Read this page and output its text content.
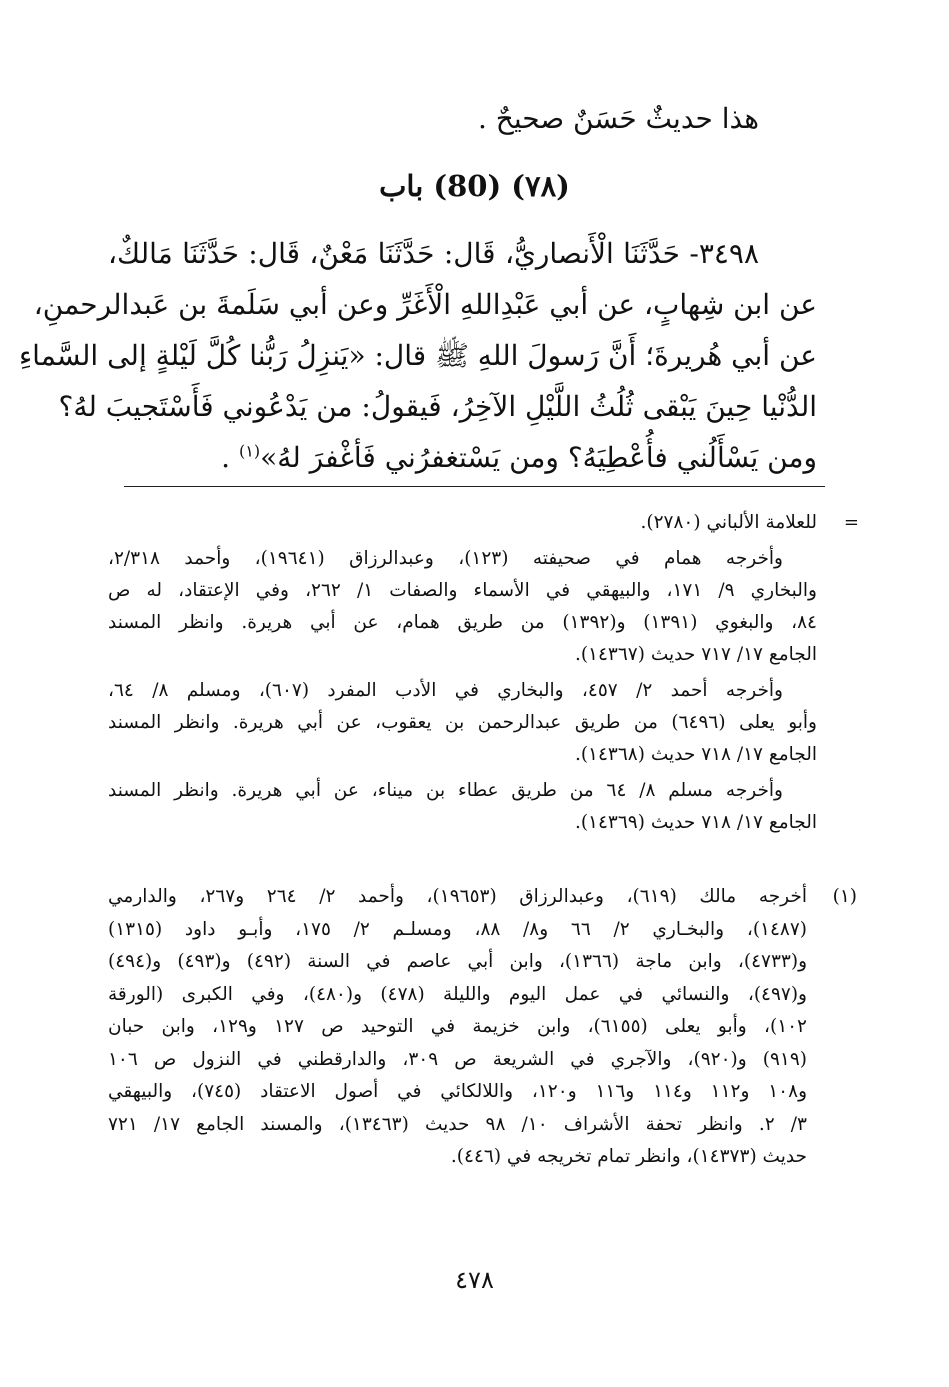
هذا حديثٌ حَسَنٌ صحيحٌ .
(٧٨) (80) باب
٣٤٩٨- حَدَّثَنَا الْأَنصاريُّ، قَال: حَدَّثَنَا مَعْنٌ، قَال: حَدَّثَنَا مَالكٌ،
عن ابن شِهابٍ، عن أبي عَبْدِاللهِ الْأَغَرِّ وعن أبي سَلَمةَ بن عَبدالرحمنِ،
عن أبي هُريرةَ؛ أَنَّ رَسولَ اللهِ ﷺ قال: «يَنزِلُ رَبُّنا كُلَّ لَيْلةٍ إلى السَّماءِ
الدُّنْيا حِينَ يَبْقى ثُلُثُ اللَّيْلِ الآخِرُ، فَيقولُ: من يَدْعُوني فَأَسْتَجيبَ لهُ؟
ومن يَسْأَلُني فأُعْطِيَهُ؟ ومن يَسْتغفرُني فَأغْفرَ لهُ»$^{(١)}$ .
=
للعلامة الألباني (٢٧٨٠).
وأخرجه همام في صحيفته (١٢٣)، وعبدالرزاق (١٩٦٤١)، وأحمد ٢/٣١٨،
والبخاري ٩/ ١٧١، والبيهقي في الأسماء والصفات ١/ ٢٦٢، وفي الإعتقاد، له ص
٨٤، والبغوي (١٣٩١) و(١٣٩٢) من طريق همام، عن أبي هريرة. وانظر المسند
الجامع ١٧/ ٧١٧ حديث (١٤٣٦٧).
وأخرجه أحمد ٢/ ٤٥٧، والبخاري في الأدب المفرد (٦٠٧)، ومسلم ٨/ ٦٤،
وأبو يعلى (٦٤٩٦) من طريق عبدالرحمن بن يعقوب، عن أبي هريرة. وانظر المسند
الجامع ١٧/ ٧١٨ حديث (١٤٣٦٨).
وأخرجه مسلم ٨/ ٦٤ من طريق عطاء بن ميناء، عن أبي هريرة. وانظر المسند
الجامع ١٧/ ٧١٨ حديث (١٤٣٦٩).
(١)
أخرجه مالك (٦١٩)، وعبدالرزاق (١٩٦٥٣)، وأحمد ٢/ ٢٦٤ و٢٦٧، والدارمي
(١٤٨٧)، والبخـاري ٢/ ٦٦ و٨/ ٨٨، ومسلـم ٢/ ١٧٥، وأبـو داود (١٣١٥)
و(٤٧٣٣)، وابن ماجة (١٣٦٦)، وابن أبي عاصم في السنة (٤٩٢) و(٤٩٣) و(٤٩٤)
و(٤٩٧)، والنسائي في عمل اليوم والليلة (٤٧٨) و(٤٨٠)، وفي الكبرى (الورقة
١٠٢)، وأبو يعلى (٦١٥٥)، وابن خزيمة في التوحيد ص ١٢٧ و١٢٩، وابن حبان
(٩١٩) و(٩٢٠)، والآجري في الشريعة ص ٣٠٩، والدارقطني في النزول ص ١٠٦
و١٠٨ و١١٢ و١١٤ و١١٦ و١٢٠، واللالكائي في أصول الاعتقاد (٧٤٥)، والبيهقي
٣/ ٢. وانظر تحفة الأشراف ١٠/ ٩٨ حديث (١٣٤٦٣)، والمسند الجامع ١٧/ ٧٢١
حديث (١٤٣٧٣)، وانظر تمام تخريجه في (٤٤٦).
٤٧٨
